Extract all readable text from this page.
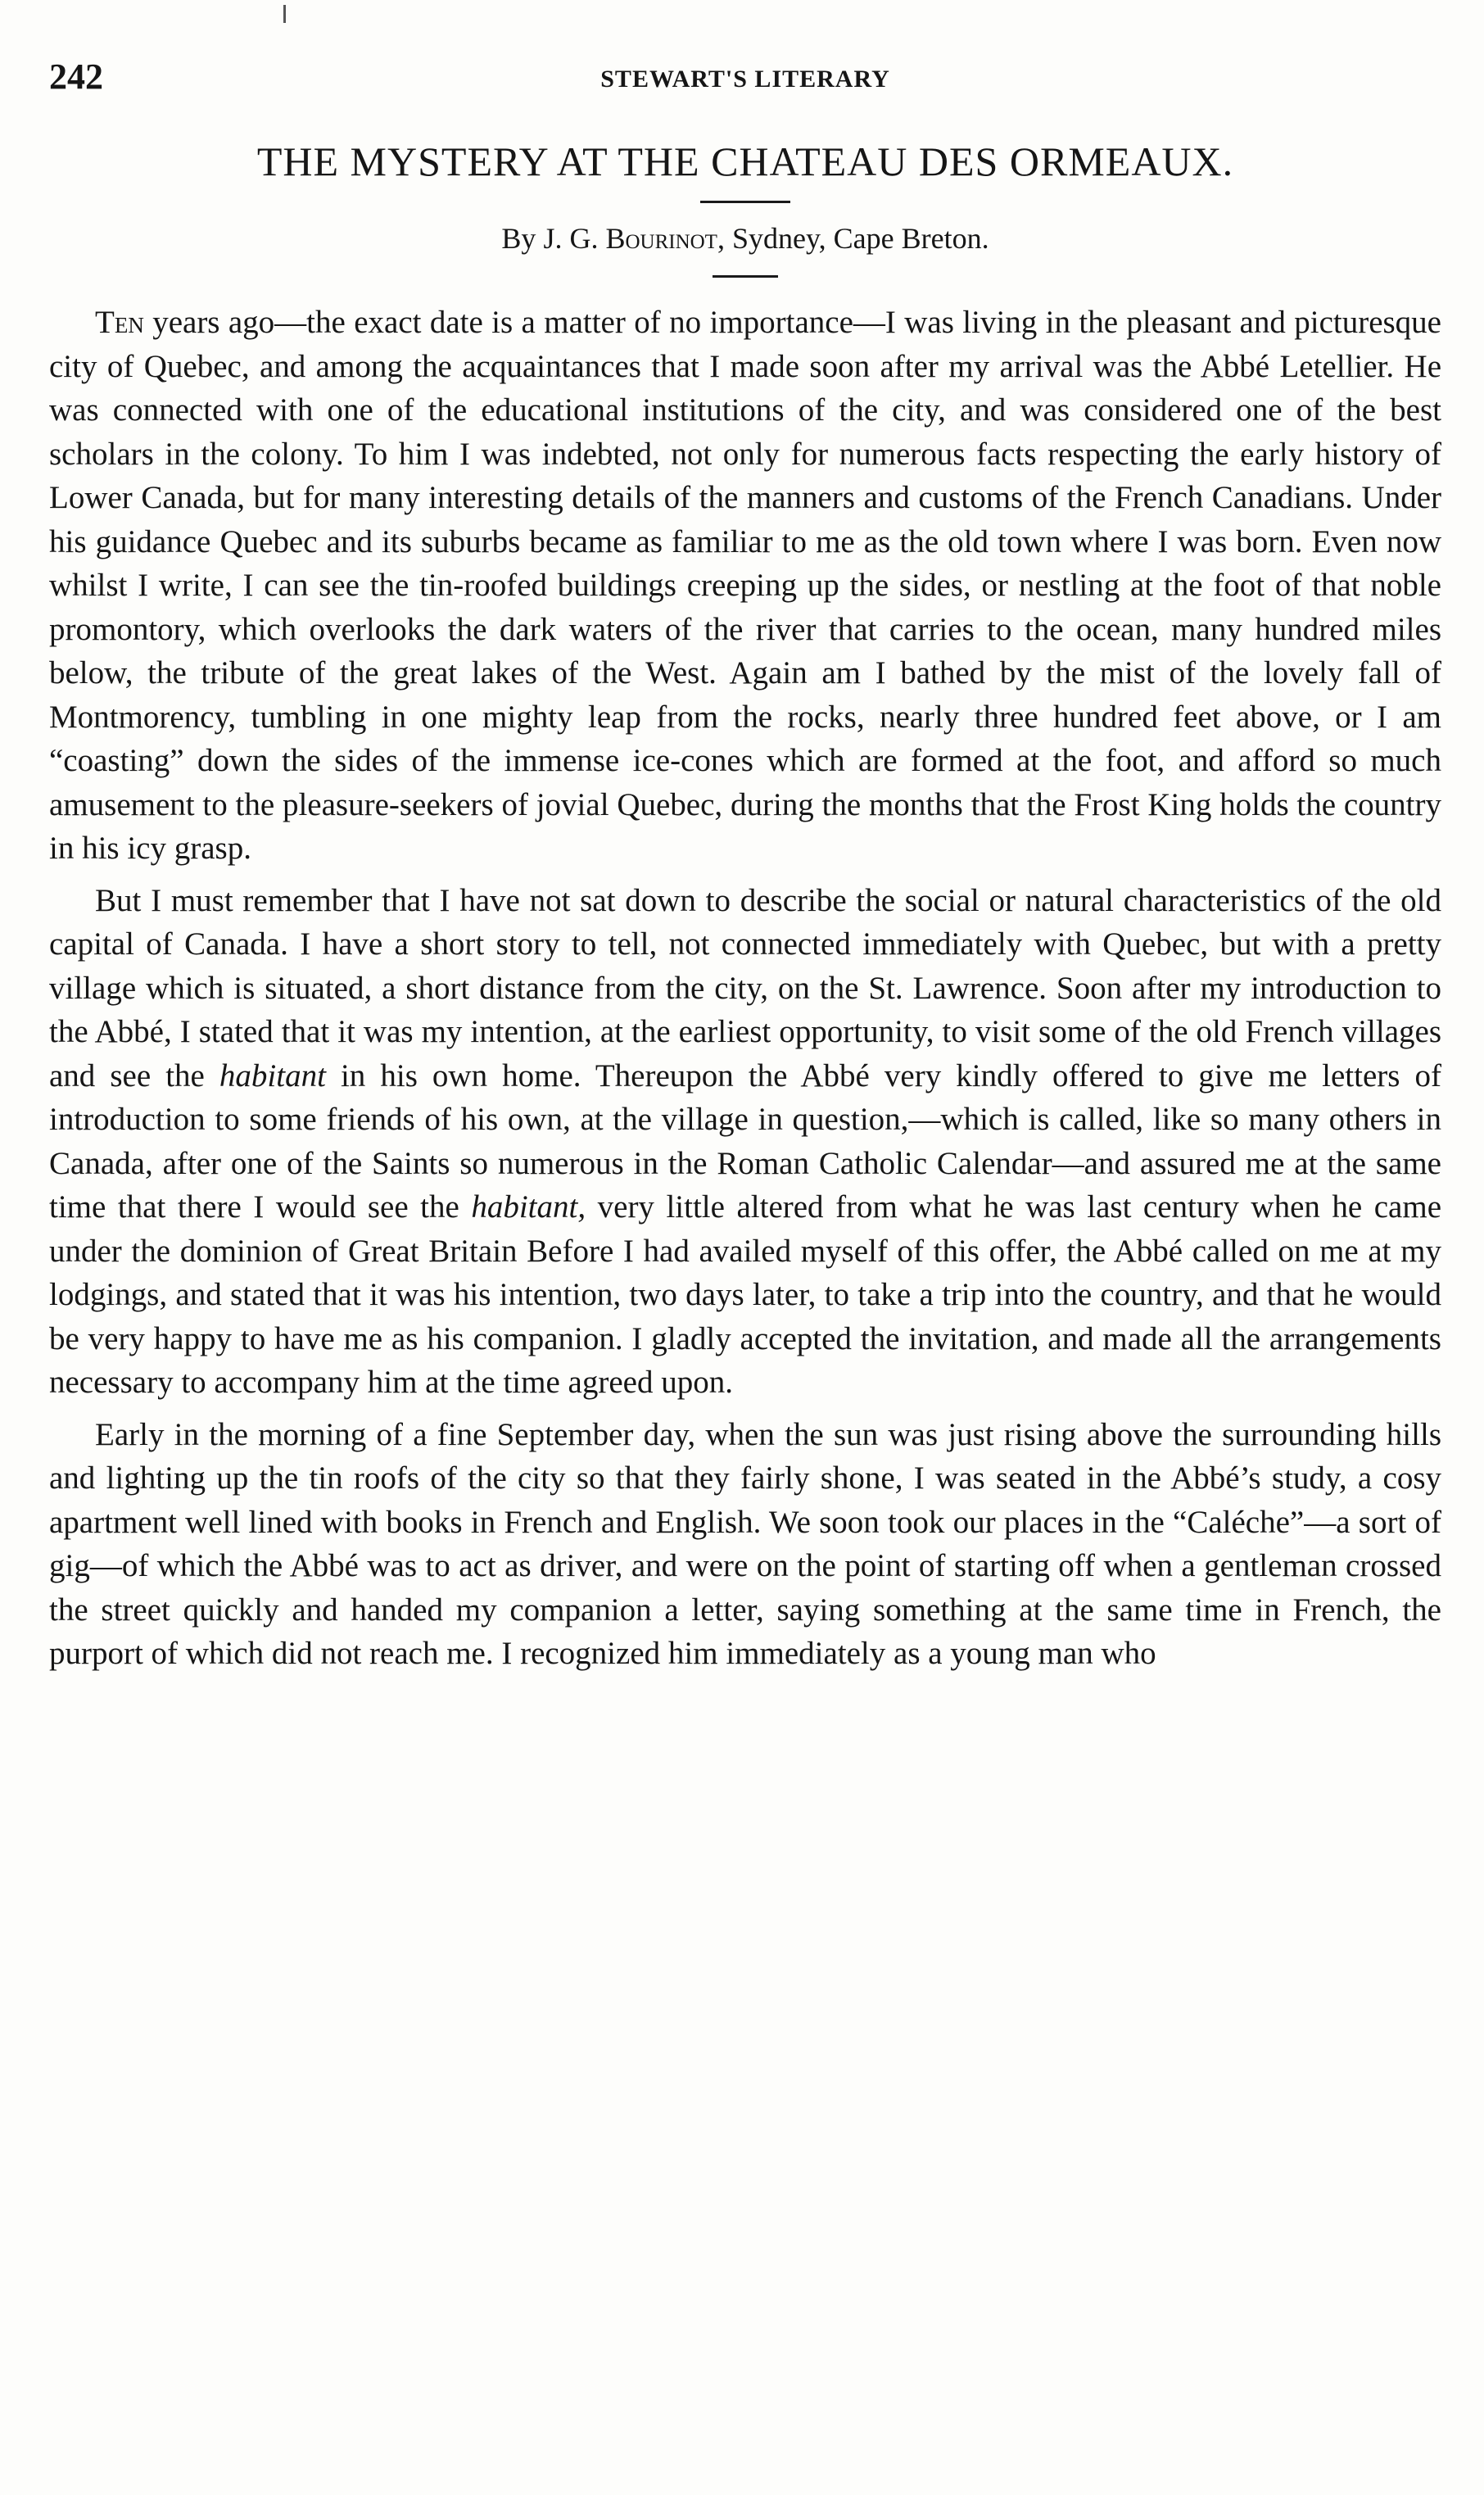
242	STEWART'S LITERARY
THE MYSTERY AT THE CHATEAU DES ORMEAUX.

By J. G. Bourinot, Sydney, Cape Breton.

Ten years ago—the exact date is a matter of no importance—I was living in the pleasant and picturesque city of Quebec, and among the acquaintances that I made soon after my arrival was the Abbé Letellier. He was connected with one of the educational institutions of the city, and was considered one of the best scholars in the colony. To him I was indebted, not only for numerous facts respecting the early history of Lower Canada, but for many interesting details of the manners and customs of the French Canadians. Under his guidance Quebec and its suburbs became as familiar to me as the old town where I was born. Even now whilst I write, I can see the tin-roofed buildings creeping up the sides, or nestling at the foot of that noble promontory, which overlooks the dark waters of the river that carries to the ocean, many hundred miles below, the tribute of the great lakes of the West. Again am I bathed by the mist of the lovely fall of Montmorency, tumbling in one mighty leap from the rocks, nearly three hundred feet above, or I am “coasting” down the sides of the immense ice-cones which are formed at the foot, and afford so much amusement to the pleasure-seekers of jovial Quebec, during the months that the Frost King holds the country in his icy grasp.

But I must remember that I have not sat down to describe the social or natural characteristics of the old capital of Canada. I have a short story to tell, not connected immediately with Quebec, but with a pretty village which is situated, a short distance from the city, on the St. Lawrence. Soon after my introduction to the Abbé, I stated that it was my intention, at the earliest opportunity, to visit some of the old French villages and see the habitant in his own home. Thereupon the Abbé very kindly offered to give me letters of introduction to some friends of his own, at the village in question,—which is called, like so many others in Canada, after one of the Saints so numerous in the Roman Catholic Calendar—and assured me at the same time that there I would see the habitant, very little altered from what he was last century when he came under the dominion of Great Britain Before I had availed myself of this offer, the Abbé called on me at my lodgings, and stated that it was his intention, two days later, to take a trip into the country, and that he would be very happy to have me as his companion. I gladly accepted the invitation, and made all the arrangements necessary to accompany him at the time agreed upon.

Early in the morning of a fine September day, when the sun was just rising above the surrounding hills and lighting up the tin roofs of the city so that they fairly shone, I was seated in the Abbé’s study, a cosy apartment well lined with books in French and English. We soon took our places in the “Caléche”—a sort of gig—of which the Abbé was to act as driver, and were on the point of starting off when a gentleman crossed the street quickly and handed my companion a letter, saying something at the same time in French, the purport of which did not reach me. I recognized him immediately as a young man who
